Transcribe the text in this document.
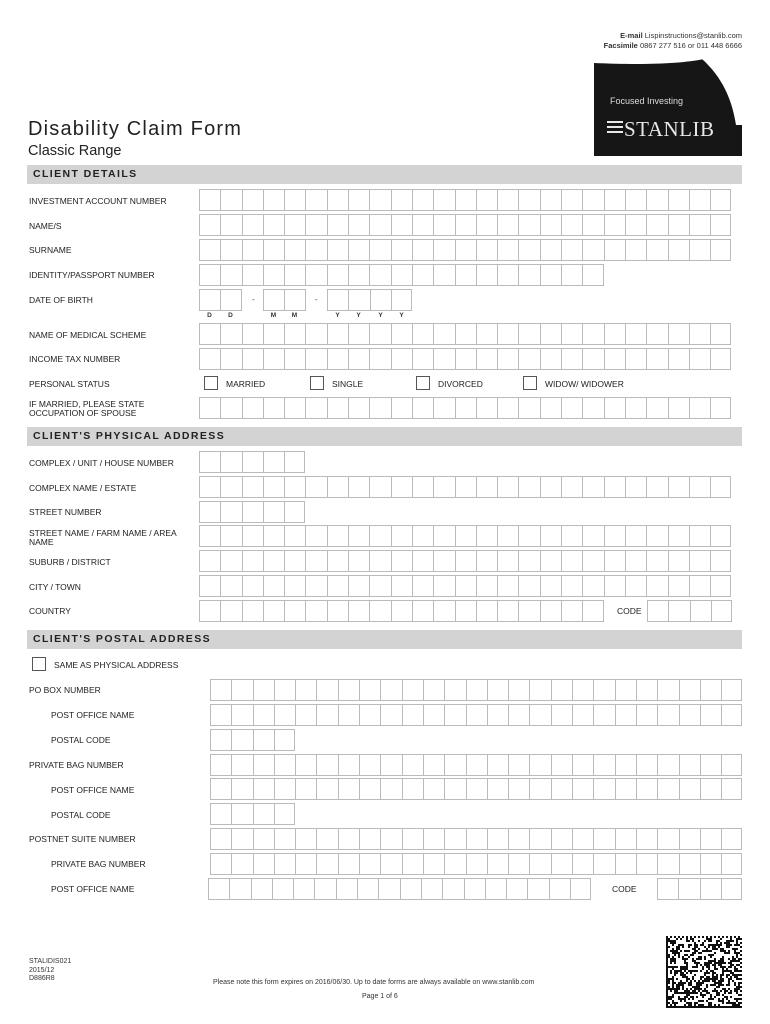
E-mail Lispinstructions@stanlib.com
Facsimile 0867 277 516 or 011 448 6666
Focused Investing
STANLIB
Disability Claim Form
Classic Range
CLIENT DETAILS
INVESTMENT ACCOUNT NUMBER
NAME/S
SURNAME
IDENTITY/PASSPORT NUMBER
DATE OF BIRTH	-	-
D	D	M	M	Y	Y	Y	Y
NAME OF MEDICAL SCHEME
INCOME TAX NUMBER
PERSONAL STATUS	MARRIED	SINGLE	DIVORCED	WIDOW/ WIDOWER
IF MARRIED, PLEASE STATE
OCCUPATION OF SPOUSE
CLIENT'S PHYSICAL ADDRESS
COMPLEX / UNIT / HOUSE NUMBER
COMPLEX NAME / ESTATE
STREET NUMBER
STREET NAME / FARM NAME / AREA
NAME
SUBURB / DISTRICT
CITY / TOWN
COUNTRY	CODE
CLIENT'S POSTAL ADDRESS
SAME AS PHYSICAL ADDRESS
PO BOX NUMBER
POST OFFICE NAME
POSTAL CODE
PRIVATE BAG NUMBER
POST OFFICE NAME
POSTAL CODE
POSTNET SUITE NUMBER
PRIVATE BAG NUMBER
POST OFFICE NAME	CODE
STALIDIS021
2015/12
D886R8
Please note this form expires on 2016/06/30. Up to date forms are always available on www.stanlib.com
Page 1 of 6
